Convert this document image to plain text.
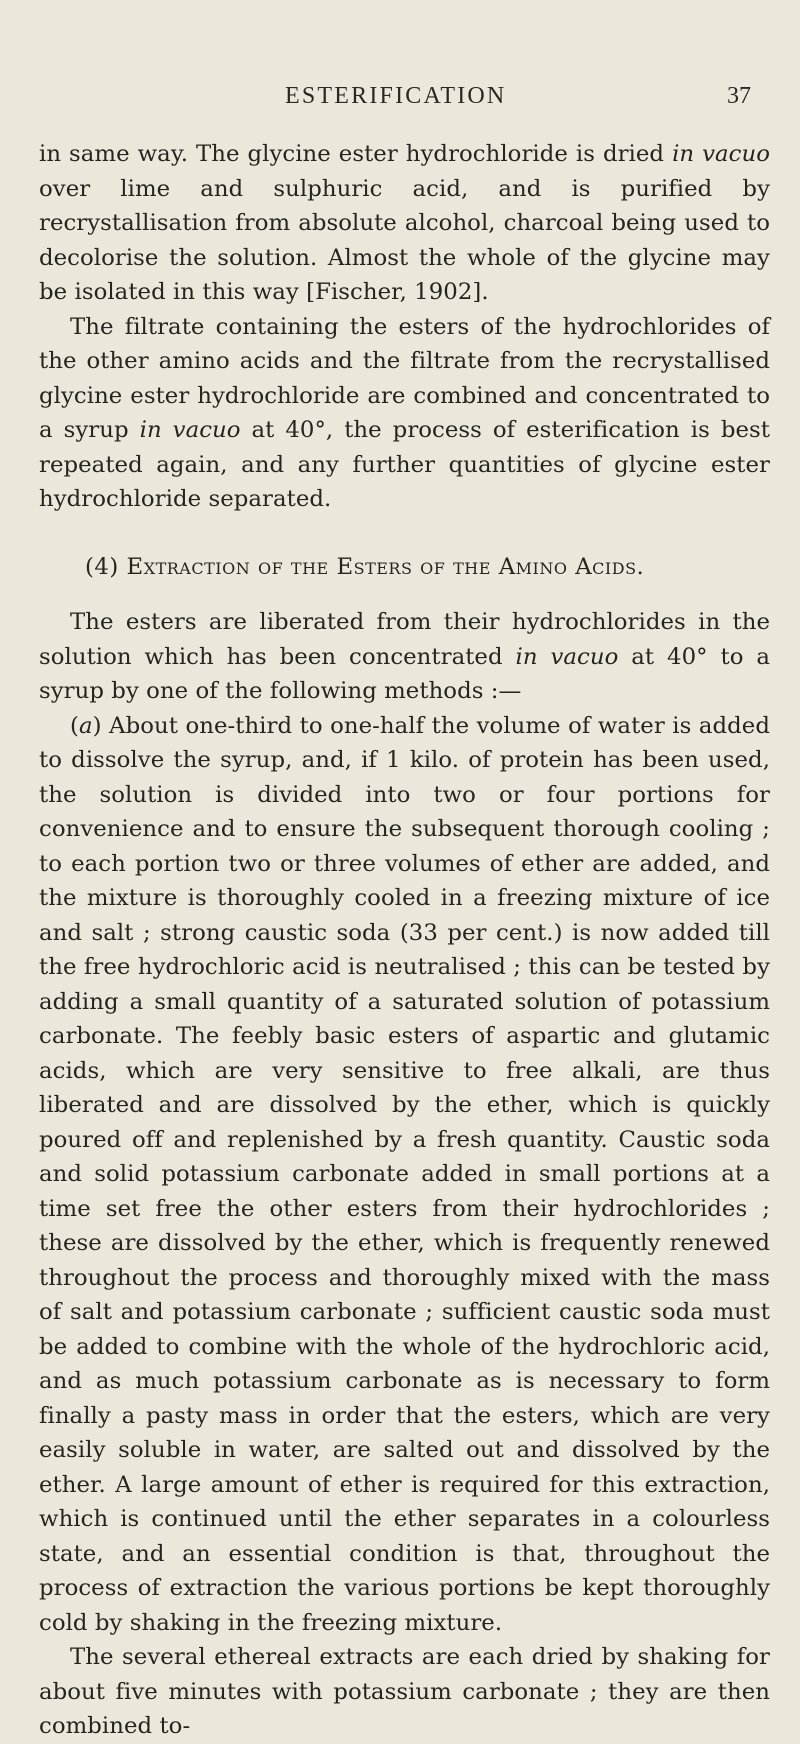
ESTERIFICATION	37

in same way. The glycine ester hydrochloride is dried in vacuo over lime and sulphuric acid, and is purified by recrystallisation from absolute alcohol, charcoal being used to decolorise the solution. Almost the whole of the glycine may be isolated in this way [Fischer, 1902].

The filtrate containing the esters of the hydrochlorides of the other amino acids and the filtrate from the recrystallised glycine ester hydrochloride are combined and concentrated to a syrup in vacuo at 40°, the process of esterification is best repeated again, and any further quantities of glycine ester hydrochloride separated.

(4) Extraction of the Esters of the Amino Acids.

The esters are liberated from their hydrochlorides in the solution which has been concentrated in vacuo at 40° to a syrup by one of the following methods :—

(a) About one-third to one-half the volume of water is added to dissolve the syrup, and, if 1 kilo. of protein has been used, the solution is divided into two or four portions for convenience and to ensure the subsequent thorough cooling ; to each portion two or three volumes of ether are added, and the mixture is thoroughly cooled in a freezing mixture of ice and salt ; strong caustic soda (33 per cent.) is now added till the free hydrochloric acid is neutralised ; this can be tested by adding a small quantity of a saturated solution of potassium carbonate. The feebly basic esters of aspartic and glutamic acids, which are very sensitive to free alkali, are thus liberated and are dissolved by the ether, which is quickly poured off and replenished by a fresh quantity. Caustic soda and solid potassium carbonate added in small portions at a time set free the other esters from their hydrochlorides ; these are dissolved by the ether, which is frequently renewed throughout the process and thoroughly mixed with the mass of salt and potassium carbonate ; sufficient caustic soda must be added to combine with the whole of the hydrochloric acid, and as much potassium carbonate as is necessary to form finally a pasty mass in order that the esters, which are very easily soluble in water, are salted out and dissolved by the ether. A large amount of ether is required for this extraction, which is continued until the ether separates in a colourless state, and an essential condition is that, throughout the process of extraction the various portions be kept thoroughly cold by shaking in the freezing mixture.

The several ethereal extracts are each dried by shaking for about five minutes with potassium carbonate ; they are then combined to-
